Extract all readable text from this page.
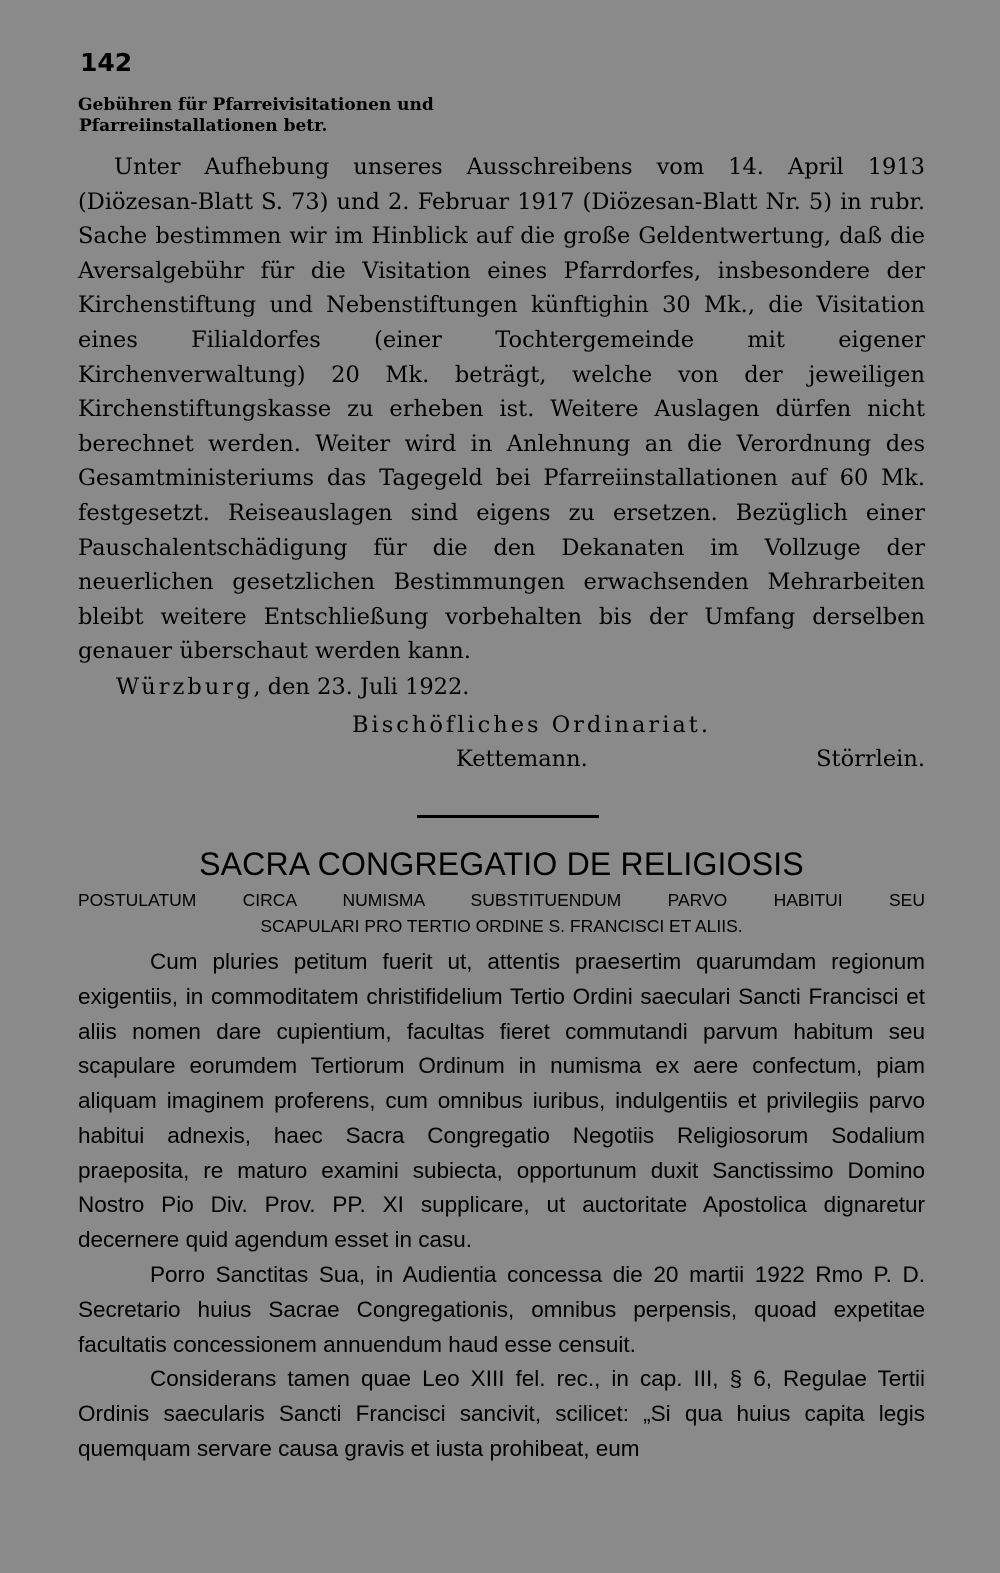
142
Gebühren für Pfarreivisitationen und
Pfarreiinstallationen betr.

Unter Aufhebung unseres Ausschreibens vom 14. April 1913 (Diözesan-Blatt S. 73) und 2. Februar 1917 (Diözesan-Blatt Nr. 5) in rubr. Sache bestimmen wir im Hinblick auf die große Geldentwertung, daß die Aversalgebühr für die Visitation eines Pfarrdorfes, insbesondere der Kirchenstiftung und Nebenstiftungen künftighin 30 Mk., die Visitation eines Filialdorfes (einer Tochtergemeinde mit eigener Kirchenverwaltung) 20 Mk. beträgt, welche von der jeweiligen Kirchenstiftungskasse zu erheben ist. Weitere Auslagen dürfen nicht berechnet werden. Weiter wird in Anlehnung an die Verordnung des Gesamtministeriums das Tagegeld bei Pfarreiinstallationen auf 60 Mk. festgesetzt. Reiseauslagen sind eigens zu ersetzen. Bezüglich einer Pauschalentschädigung für die den Dekanaten im Vollzuge der neuerlichen gesetzlichen Bestimmungen erwachsenden Mehrarbeiten bleibt weitere Entschließung vorbehalten bis der Umfang derselben genauer überschaut werden kann.

Würzburg, den 23. Juli 1922.
Bischöfliches Ordinariat.
Kettemann.	Störrlein.
SACRA CONGREGATIO DE RELIGIOSIS
POSTULATUM CIRCA NUMISMA SUBSTITUENDUM PARVO HABITUI SEU
SCAPULARI PRO TERTIO ORDINE S. FRANCISCI ET ALIIS.

Cum pluries petitum fuerit ut, attentis praesertim quarumdam regionum exigentiis, in commoditatem christifidelium Tertio Ordini saeculari Sancti Francisci et aliis nomen dare cupientium, facultas fieret commutandi parvum habitum seu scapulare eorumdem Tertiorum Ordinum in numisma ex aere confectum, piam aliquam imaginem proferens, cum omnibus iuribus, indulgentiis et privilegiis parvo habitui adnexis, haec Sacra Congregatio Negotiis Religiosorum Sodalium praeposita, re maturo examini subiecta, opportunum duxit Sanctissimo Domino Nostro Pio Div. Prov. PP. XI supplicare, ut auctoritate Apostolica dignaretur decernere quid agendum esset in casu.

Porro Sanctitas Sua, in Audientia concessa die 20 martii 1922 Rmo P. D. Secretario huius Sacrae Congregationis, omnibus perpensis, quoad expetitae facultatis concessionem annuendum haud esse censuit.

Considerans tamen quae Leo XIII fel. rec., in cap. III, § 6, Regulae Tertii Ordinis saecularis Sancti Francisci sancivit, scilicet: „Si qua huius capita legis quemquam servare causa gravis et iusta prohibeat, eum
